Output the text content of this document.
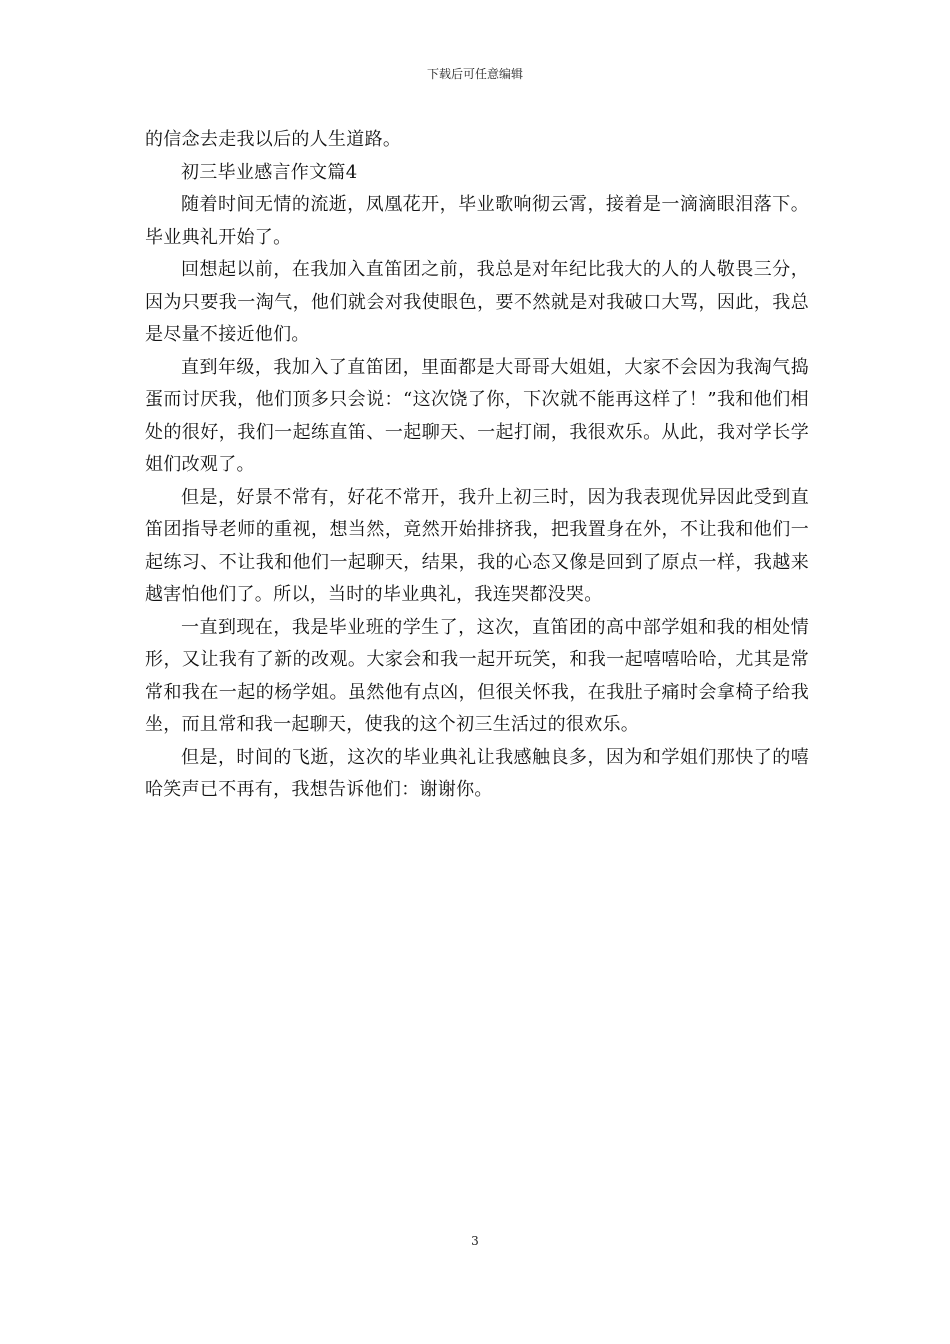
下载后可任意编辑

的信念去走我以后的人生道路。

初三毕业感言作文篇4

随着时间无情的流逝，凤凰花开，毕业歌响彻云霄，接着是一滴滴眼泪落下。毕业典礼开始了。

回想起以前，在我加入直笛团之前，我总是对年纪比我大的人的人敬畏三分，因为只要我一淘气，他们就会对我使眼色，要不然就是对我破口大骂，因此，我总是尽量不接近他们。

直到年级，我加入了直笛团，里面都是大哥哥大姐姐，大家不会因为我淘气捣蛋而讨厌我，他们顶多只会说：“这次饶了你，下次就不能再这样了！”我和他们相处的很好，我们一起练直笛、一起聊天、一起打闹，我很欢乐。从此，我对学长学姐们改观了。

但是，好景不常有，好花不常开，我升上初三时，因为我表现优异因此受到直笛团指导老师的重视，想当然，竟然开始排挤我，把我置身在外，不让我和他们一起练习、不让我和他们一起聊天，结果，我的心态又像是回到了原点一样，我越来越害怕他们了。所以，当时的毕业典礼，我连哭都没哭。

一直到现在，我是毕业班的学生了，这次，直笛团的高中部学姐和我的相处情形，又让我有了新的改观。大家会和我一起开玩笑，和我一起嘻嘻哈哈，尤其是常常和我在一起的杨学姐。虽然他有点凶，但很关怀我，在我肚子痛时会拿椅子给我坐，而且常和我一起聊天，使我的这个初三生活过的很欢乐。

但是，时间的飞逝，这次的毕业典礼让我感触良多，因为和学姐们那快了的嘻哈笑声已不再有，我想告诉他们：谢谢你。

3
